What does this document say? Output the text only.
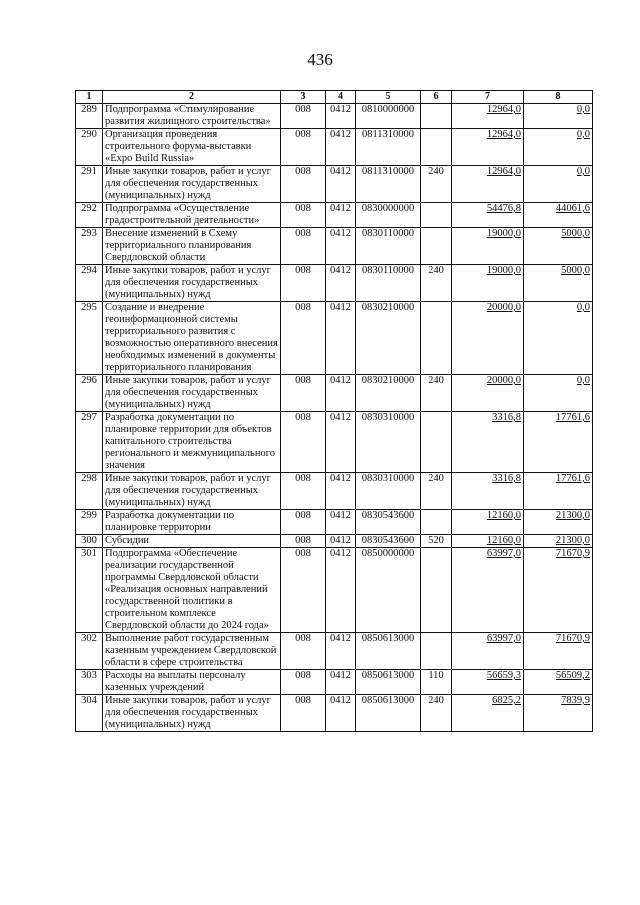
436
1	2	3	4	5	6	7	8
289	Подпрограмма «Стимулирование развития жилищного строительства»	008	0412	0810000000		12964,0	0,0
290	Организация проведения строительного форума-выставки «Expo Build Russia»	008	0412	0811310000		12964,0	0,0
291	Иные закупки товаров, работ и услуг для обеспечения государственных (муниципальных) нужд	008	0412	0811310000	240	12964,0	0,0
292	Подпрограмма «Осуществление градостроительной деятельности»	008	0412	0830000000		54476,8	44061,6
293	Внесение изменений в Схему территориального планирования Свердловской области	008	0412	0830110000		19000,0	5000,0
294	Иные закупки товаров, работ и услуг для обеспечения государственных (муниципальных) нужд	008	0412	0830110000	240	19000,0	5000,0
295	Создание и внедрение геоинформационной системы территориального развития с возможностью оперативного внесения необходимых изменений в документы территориального планирования	008	0412	0830210000		20000,0	0,0
296	Иные закупки товаров, работ и услуг для обеспечения государственных (муниципальных) нужд	008	0412	0830210000	240	20000,0	0,0
297	Разработка документации по планировке территории для объектов капитального строительства регионального и межмуниципального значения	008	0412	0830310000		3316,8	17761,6
298	Иные закупки товаров, работ и услуг для обеспечения государственных (муниципальных) нужд	008	0412	0830310000	240	3316,8	17761,6
299	Разработка документации по планировке территории	008	0412	0830543600		12160,0	21300,0
300	Субсидии	008	0412	0830543600	520	12160,0	21300,0
301	Подпрограмма «Обеспечение реализации государственной программы Свердловской области «Реализация основных направлений государственной политики в строительном комплексе Свердловской области до 2024 года»	008	0412	0850000000		63997,0	71670,9
302	Выполнение работ государственным казенным учреждением Свердловской области в сфере строительства	008	0412	0850613000		63997,0	71670,9
303	Расходы на выплаты персоналу казенных учреждений	008	0412	0850613000	110	56659,3	56509,2
304	Иные закупки товаров, работ и услуг для обеспечения государственных (муниципальных) нужд	008	0412	0850613000	240	6825,2	7839,9
